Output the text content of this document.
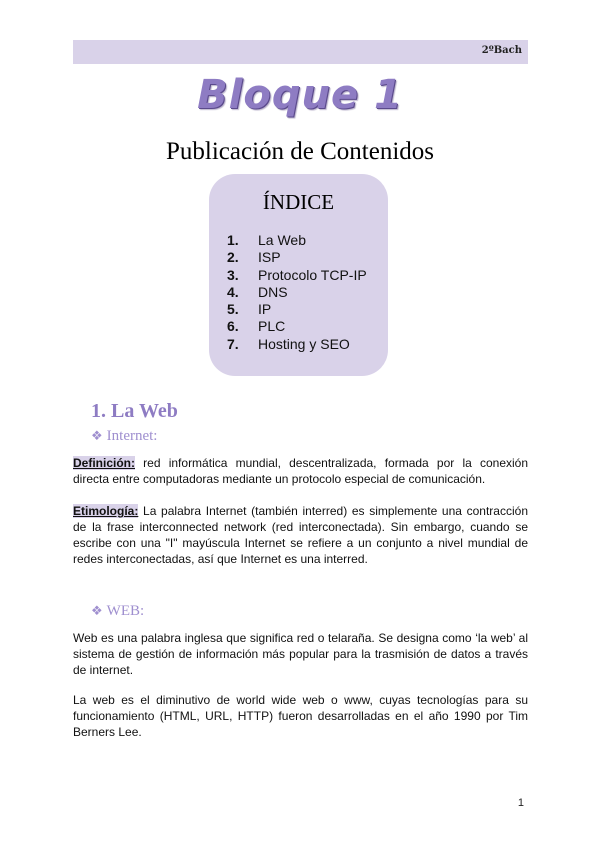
2ºBach
Bloque 1
Publicación de Contenidos
ÍNDICE
1. La Web
2. ISP
3. Protocolo TCP-IP
4. DNS
5. IP
6. PLC
7. Hosting y SEO
1. La Web
❖ Internet:
Definición: red informática mundial, descentralizada, formada por la conexión directa entre computadoras mediante un protocolo especial de comunicación.
Etimología: La palabra Internet (también interred) es simplemente una contracción de la frase interconnected network (red interconectada). Sin embargo, cuando se escribe con una "I" mayúscula Internet se refiere a un conjunto a nivel mundial de redes interconectadas, así que Internet es una interred.
❖ WEB:
Web es una palabra inglesa que significa red o telaraña. Se designa como ‘la web’ al sistema de gestión de información más popular para la trasmisión de datos a través de internet.
La web es el diminutivo de world wide web o www, cuyas tecnologías para su funcionamiento (HTML, URL, HTTP) fueron desarrolladas en el año 1990 por Tim Berners Lee.
1
